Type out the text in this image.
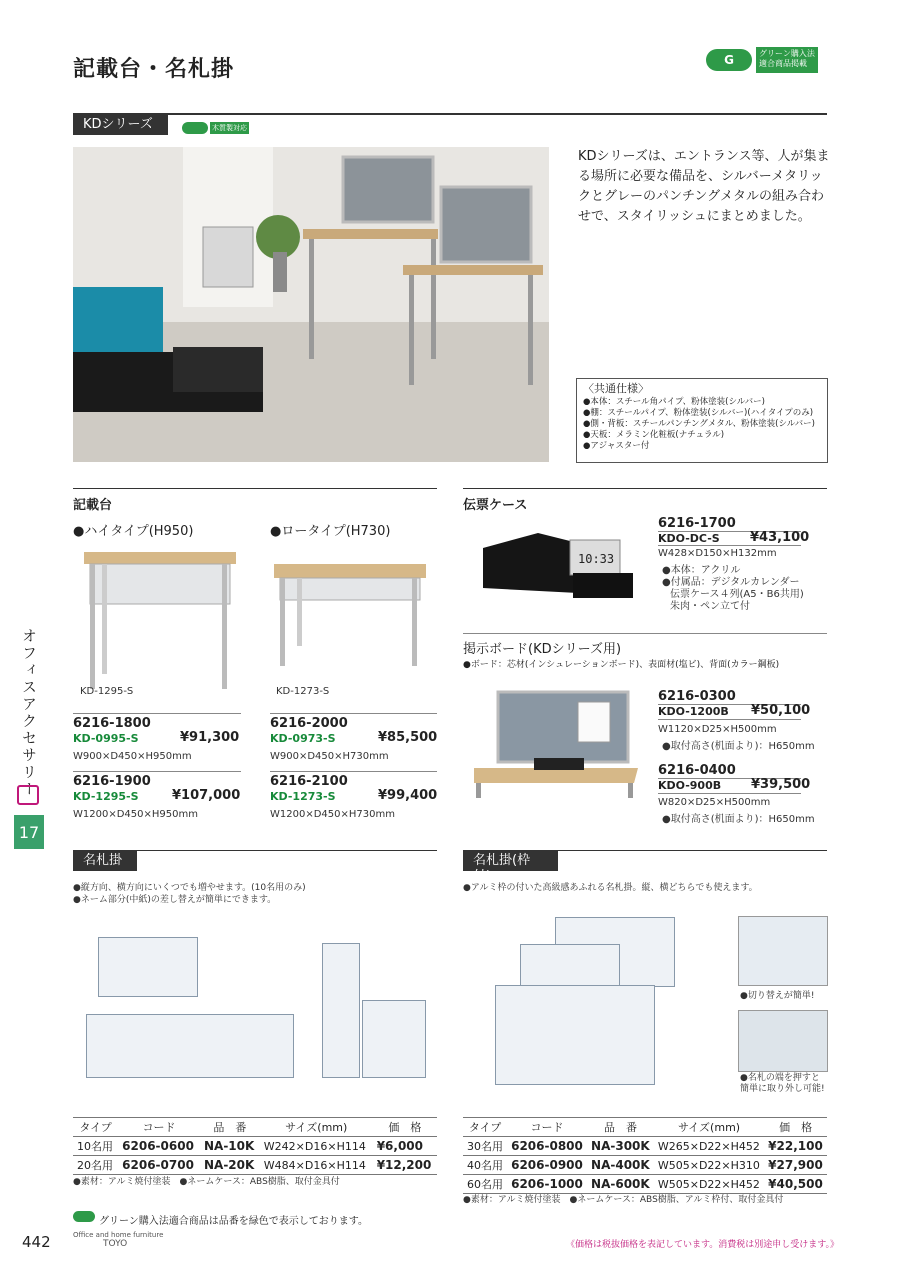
記載台・名札掛	G	グリーン購入法
適合商品掲載
KDシリーズ	木質製対応
KDシリーズは、エントランス等、人が集まる場所に必要な備品を、シルバーメタリックとグレーのパンチングメタルの組み合わせで、スタイリッシュにまとめました。
〈共通仕様〉
●本体：スチール角パイプ、粉体塗装(シルバー)
●棚：スチールパイプ、粉体塗装(シルバー)(ハイタイプのみ)
●側・背板：スチールパンチングメタル、粉体塗装(シルバー)
●天板：メラミン化粧板(ナチュラル)
●アジャスター付
記載台
●ハイタイプ(H950)	●ロータイプ(H730)
KD-1295-S	KD-1273-S
6216-1800
KD-0995-S	¥91,300
W900×D450×H950mm
6216-1900
KD-1295-S	¥107,000
W1200×D450×H950mm
6216-2000
KD-0973-S	¥85,500
W900×D450×H730mm
6216-2100
KD-1273-S	¥99,400
W1200×D450×H730mm
伝票ケース
10:33
6216-1700
KDO-DC-S ¥43,100
W428×D150×H132mm
●本体：アクリル
●付属品：デジタルカレンダー
伝票ケース４列(A5・B6共用)
朱肉・ペン立て付
掲示ボード(KDシリーズ用)
●ボード：芯材(インシュレーションボード)、表面材(塩ビ)、背面(カラー鋼板)
6216-0300
KDO-1200B ¥50,100
W1120×D25×H500mm
●取付高さ(机面より)：H650mm
6216-0400
KDO-900B ¥39,500
W820×D25×H500mm
●取付高さ(机面より)：H650mm
オフィスアクセサリー
17
名札掛
●縦方向、横方向にいくつでも増やせます。(10名用のみ)
●ネーム部分(中紙)の差し替えが簡単にできます。
タイプ	コード	品　番	サイズ(mm)	価　格
10名用	6206-0600	NA-10K	W242×D16×H114	¥6,000
20名用	6206-0700	NA-20K	W484×D16×H114	¥12,200
●素材：アルミ焼付塗装　●ネームケース：ABS樹脂、取付金具付
名札掛(枠付)
●アルミ枠の付いた高級感あふれる名札掛。縦、横どちらでも使えます。
●切り替えが簡単!
●名札の端を押すと
簡単に取り外し可能!
タイプ	コード	品　番	サイズ(mm)	価　格
30名用	6206-0800	NA-300K	W265×D22×H452	¥22,100
40名用	6206-0900	NA-400K	W505×D22×H310	¥27,900
60名用	6206-1000	NA-600K	W505×D22×H452	¥40,500
●素材：アルミ焼付塗装　●ネームケース：ABS樹脂、アルミ枠付、取付金具付
グリーン購入法適合商品は品番を緑色で表示しております。
442	Office and home furniture
TOYO	《価格は税抜価格を表記しています。消費税は別途申し受けます。》
